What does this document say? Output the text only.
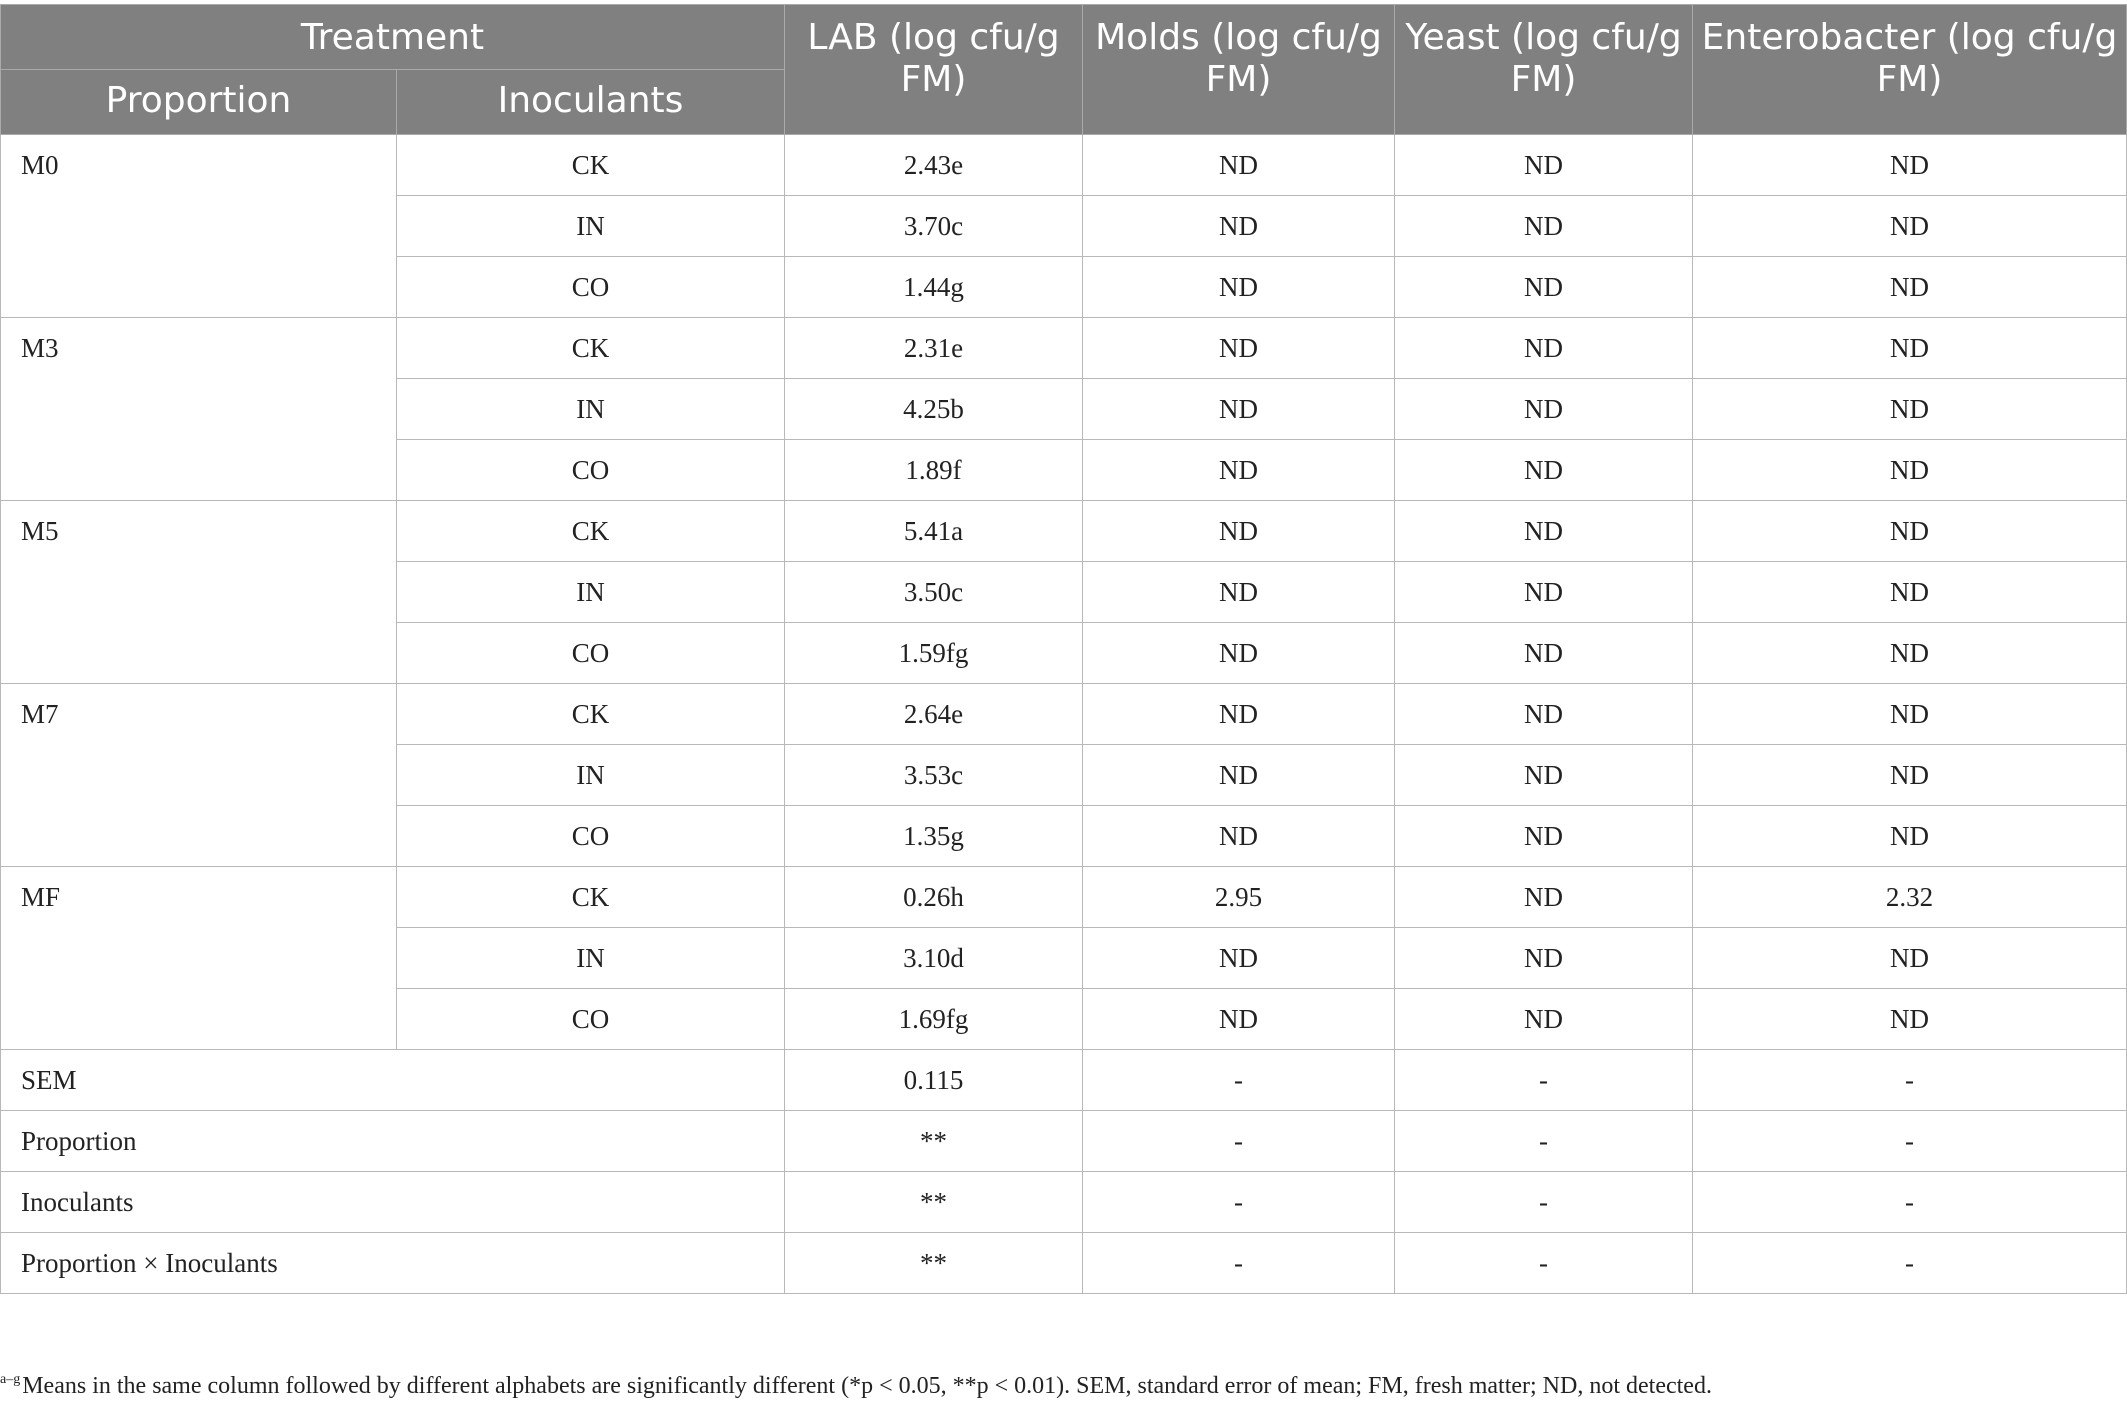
Treatment		LAB (log cfu/g FM)	Molds (log cfu/g FM)	Yeast (log cfu/g FM)	Enterobacter (log cfu/g FM)
Proportion	Inoculants				
M0	CK	2.43e	ND	ND	ND
	IN	3.70c	ND	ND	ND
	CO	1.44g	ND	ND	ND
M3	CK	2.31e	ND	ND	ND
	IN	4.25b	ND	ND	ND
	CO	1.89f	ND	ND	ND
M5	CK	5.41a	ND	ND	ND
	IN	3.50c	ND	ND	ND
	CO	1.59fg	ND	ND	ND
M7	CK	2.64e	ND	ND	ND
	IN	3.53c	ND	ND	ND
	CO	1.35g	ND	ND	ND
MF	CK	0.26h	2.95	ND	2.32
	IN	3.10d	ND	ND	ND
	CO	1.69fg	ND	ND	ND
SEM		0.115	-	-	-
Proportion		**	-	-	-
Inoculants		**	-	-	-
Proportion × Inoculants		**	-	-	-
$^{a-g}$Means in the same column followed by different alphabets are significantly different (*p < 0.05, **p < 0.01). SEM, standard error of mean; FM, fresh matter; ND, not detected.
